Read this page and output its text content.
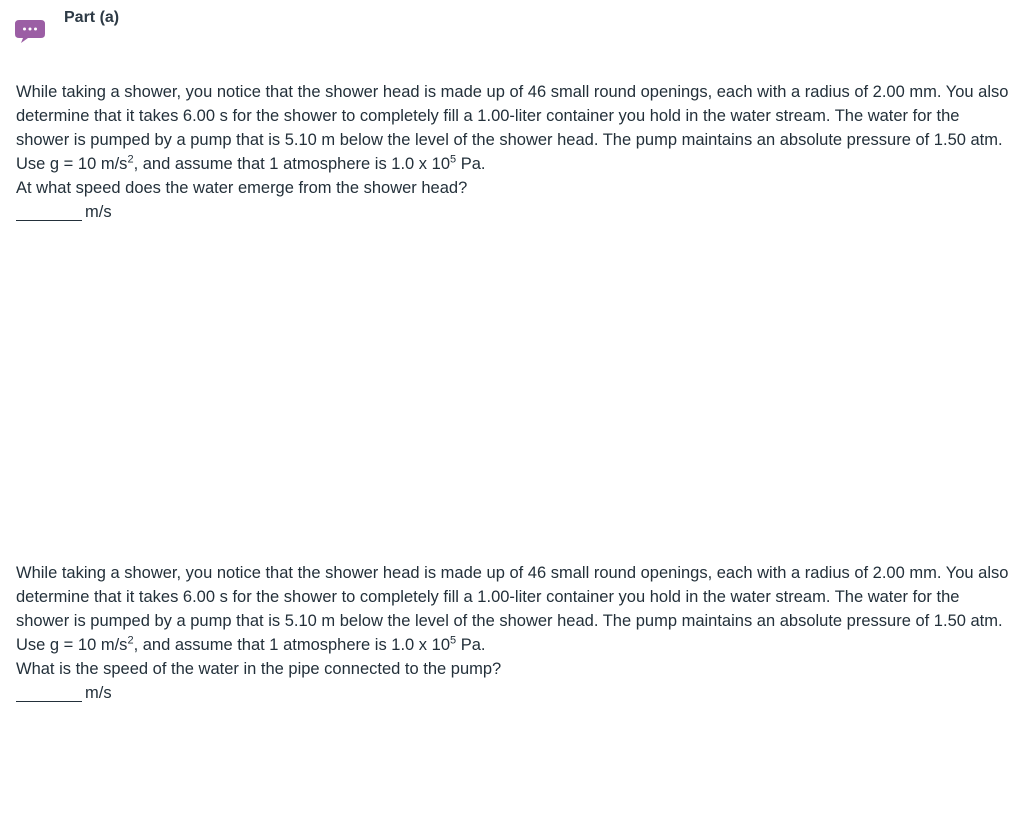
Part (a)

While taking a shower, you notice that the shower head is made up of 46 small round openings, each with a radius of 2.00 mm. You also determine that it takes 6.00 s for the shower to completely fill a 1.00-liter container you hold in the water stream. The water for the shower is pumped by a pump that is 5.10 m below the level of the shower head. The pump maintains an absolute pressure of 1.50 atm. Use g = 10 $m/s^2$, and assume that 1 atmosphere is 1.0 x $10^5$ Pa.

At what speed does the water emerge from the shower head?

m/s

While taking a shower, you notice that the shower head is made up of 46 small round openings, each with a radius of 2.00 mm. You also determine that it takes 6.00 s for the shower to completely fill a 1.00-liter container you hold in the water stream. The water for the shower is pumped by a pump that is 5.10 m below the level of the shower head. The pump maintains an absolute pressure of 1.50 atm. Use g = 10 $m/s^2$, and assume that 1 atmosphere is 1.0 x $10^5$ Pa.

What is the speed of the water in the pipe connected to the pump?

m/s
